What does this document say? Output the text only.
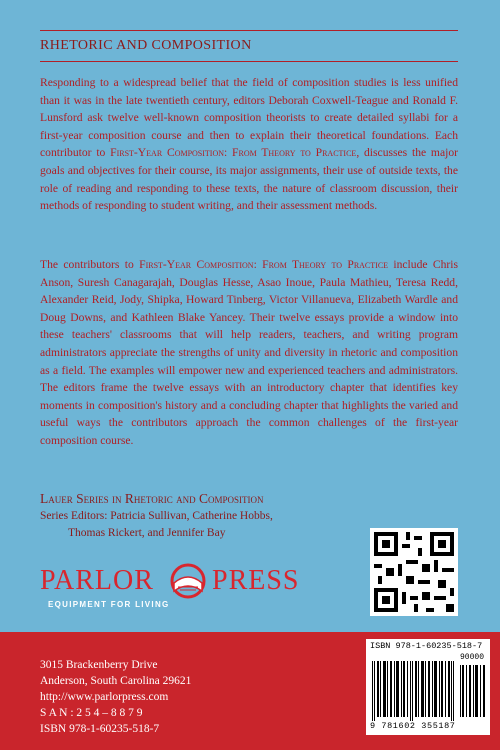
RHETORIC AND COMPOSITION

Responding to a widespread belief that the field of composition studies is less unified than it was in the late twentieth century, editors Deborah Coxwell-Teague and Ronald F. Lunsford ask twelve well-known composition theorists to create detailed syllabi for a first-year composition course and then to explain their theoretical foundations. Each contributor to First-Year Composition: From Theory to Practice, discusses the major goals and objectives for their course, its major assignments, their use of outside texts, the role of reading and responding to these texts, the nature of classroom discussion, their methods of responding to student writing, and their assessment methods.

The contributors to First-Year Composition: From Theory to Practice include Chris Anson, Suresh Canagarajah, Douglas Hesse, Asao Inoue, Paula Mathieu, Teresa Redd, Alexander Reid, Jody, Shipka, Howard Tinberg, Victor Villanueva, Elizabeth Wardle and Doug Downs, and Kathleen Blake Yancey. Their twelve essays provide a window into these teachers' classrooms that will help readers, teachers, and writing program administrators appreciate the strengths of unity and diversity in rhetoric and composition as a field. The examples will empower new and experienced teachers and administrators. The editors frame the twelve essays with an introductory chapter that identifies key moments in composition's history and a concluding chapter that highlights the varied and useful ways the contributors approach the common challenges of the first-year composition course.

Lauer Series in Rhetoric and Composition
Series Editors: Patricia Sullivan, Catherine Hobbs,
Thomas Rickert, and Jennifer Bay
PARLOR PRESS
EQUIPMENT FOR LIVING
3015 Brackenberry Drive
Anderson, South Carolina 29621
http://www.parlorpress.com
S A N : 2 5 4 – 8 8 7 9
ISBN 978-1-60235-518-7
ISBN 978-1-60235-518-7
90000
9 781602 355187
